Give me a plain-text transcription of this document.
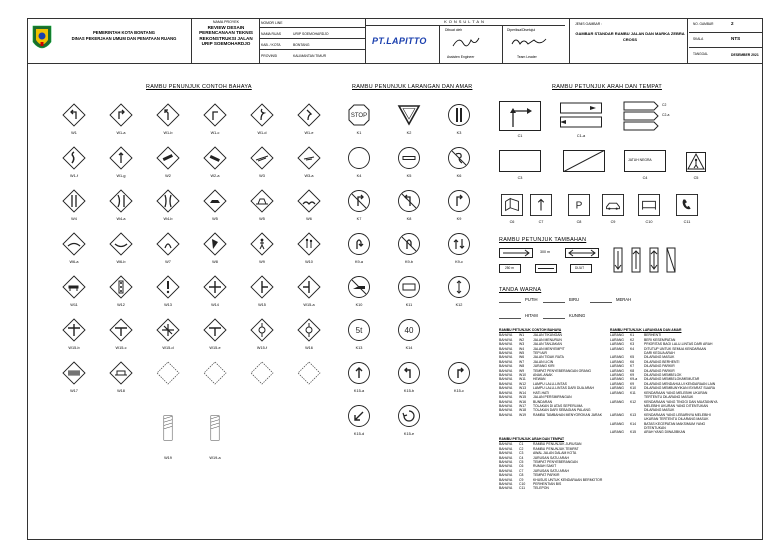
PEMERINTAH KOTA BONTANG
DINAS PEKERJAAN UMUM DAN PENATAAN RUANG
NAMA PROYEK
REVIEW DESAIN PERENCANAAN TEKNIS REKONSTRUKSI JALAN URIP SOEMOHARDJO
NOMOR LINE
NAMA RUAS	URIP SOEMOHARDJO
KAB. / KOTA	BONTANG
PROVINSI	KALIMANTAN TIMUR
KONSULTAN
PT.LAPITTO
Dibuat oleh
Assisten Engineer
Diperiksa/Disetujui
Team Leader
JENIS GAMBAR :
GAMBAR STANDAR RAMBU JALAN DAN MARKA ZEBRA CROSS
NO. GAMBAR	2
SKALA	NTS
TANGGAL	DESEMBER 2021
RAMBU PENUNJUK CONTOH BAHAYA	RAMBU PENUNJUK LARANGAN DAN AMAR	RAMBU PETUNJUK ARAH DAN TEMPAT
RAMBU PETUNJUK TAMBAHAN
TANDA WARNA
W1	W1-a	W1-b	W1-c	W1-d	W1-e
W1-f	W1-g	W2	W2-a	W3	W3-a
W4	W4-a	W4-b	W5	W5	W6
W6-a	W6-b	W7	W8	W9	W10
W11	W12	W13	W14	W15	W15-a
W15-b	W15-c	W15-d	W15-e	W15-f	W16
W17	W18
W19	W19-a
STOP
K1	K2	K3
K4	K5	K6
K7	K8	K9
K9-a	K9-b	K9-c
K10	K11	K12
5t
K13
40
K14
K15-a	K15-b	K15-c
K15-d	K15-e
C1	C1-a
C2
C2-a
C3
JATUH NEGRA
C4	C5
C6	C7
P
C8	C9	C10	C11
300 m
250 m	DIJUT
PUTIH	BIRU	MERAH
HITAM	KUNING
RAMBU PETUNJUK CONTOH BAHAYA
BAHAYA W1	JALAN TIKUNGAN
BAHAYA W2	JALAN MENURUN
BAHAYA W3	JALAN TANJAKAN
BAHAYA W4	JALAN MENYEMPIT
BAHAYA W5	TEPI AIR
BAHAYA W6	JALAN TIDAK RATA
BAHAYA W7	JALAN LICIN
BAHAYA W8	JURANG KIRI
BAHAYA W9	TEMPAT PENYEBERANGAN ORANG
BAHAYA W10 ANAK-ANAK
BAHAYA W11 HEWAN
BAHAYA W12 LAMPU LALU-LINTAS
BAHAYA W13 LAMPU LALU-LINTAS DARI DUA ARAH
BAHAYA W14 HATI-HATI
BAHAYA W15 JALAN PERSIMPANGAN
BAHAYA W16 BUNDARAN
BAHAYA W17 TOLAKAN DI ATAS SEPERLIMA
BAHAYA W18 TOLAKAN DARI SEBAGIAN PALANG
BAHAYA W19 RAMBU TAMBAHAN MENYOROKAN JARAK
RAMBU PETUNJUK ARAH DAN TEMPAT
BAHAYA C1	RAMBU PENUNJUK JURUSAN
BAHAYA C2	RAMBU PENUNJUK TEMPAT
BAHAYA C3	AWAL JALAN DALAM KOTA
BAHAYA C4	JURUSAN SATU ARAH
BAHAYA C5	TEMPAT PENYEBERANGAN
BAHAYA C6	RUMAH SAKIT
BAHAYA C7	JURUSAN SATU ARAH
BAHAYA C8	TEMPAT PARKIR
BAHAYA C9	KHUSUS UNTUK KENDARAAN BERMOTOR
BAHAYA C10 PERHENTIAN BIS
BAHAYA C11 TELEPON
RAMBU PETUNJUK LARANGAN DAN AMAR
LARANG K1	BERHENTI
LARANG K2	BERI KESEMPATAN
LARANG K3	PRIORITAS BAGI LALU-LINTAS DARI ARAH
LARANG K4	DITUTUP UNTUK SEMUA KENDARAAN
DARI KEDUA ARAH
LARANG K5	DILARANG MASUK
LARANG K6	DILARANG BERHENTI
LARANG K7	DILARANG PARKIR
LARANG K8	DILARANG PARKIR
LARANG K9	DILARANG MEMBELOK
LARANG K9-a DILARANG MEMBELOK/MEMUTAR
LARANG K9	DILARANG MENDAHULUI KENDARAAN LAIN
LARANG K10 DILARANG MEMBUNYIKAN ISYARAT SUARA
LARANG K11 KENDARAAN YANG MELEBIHI UKURAN
TERTENTU DILARANG MASUK
LARANG K12 KENDARAAN YANG TINGGI DAN MUATANNYA
MELEBIHI UKURAN YANG DITENTUKAN
DILARANG MASUK
LARANG K13 KENDARAAN YANG LEBARNYA MELEBIHI
UKURAN TERTENTU DILARANG MASUK
LARANG K14 BATAS KECEPATAN MAKSIMUM YANG
DITENTUKAN
LARANG K15 ARAH YANG DIWAJIBKAN
